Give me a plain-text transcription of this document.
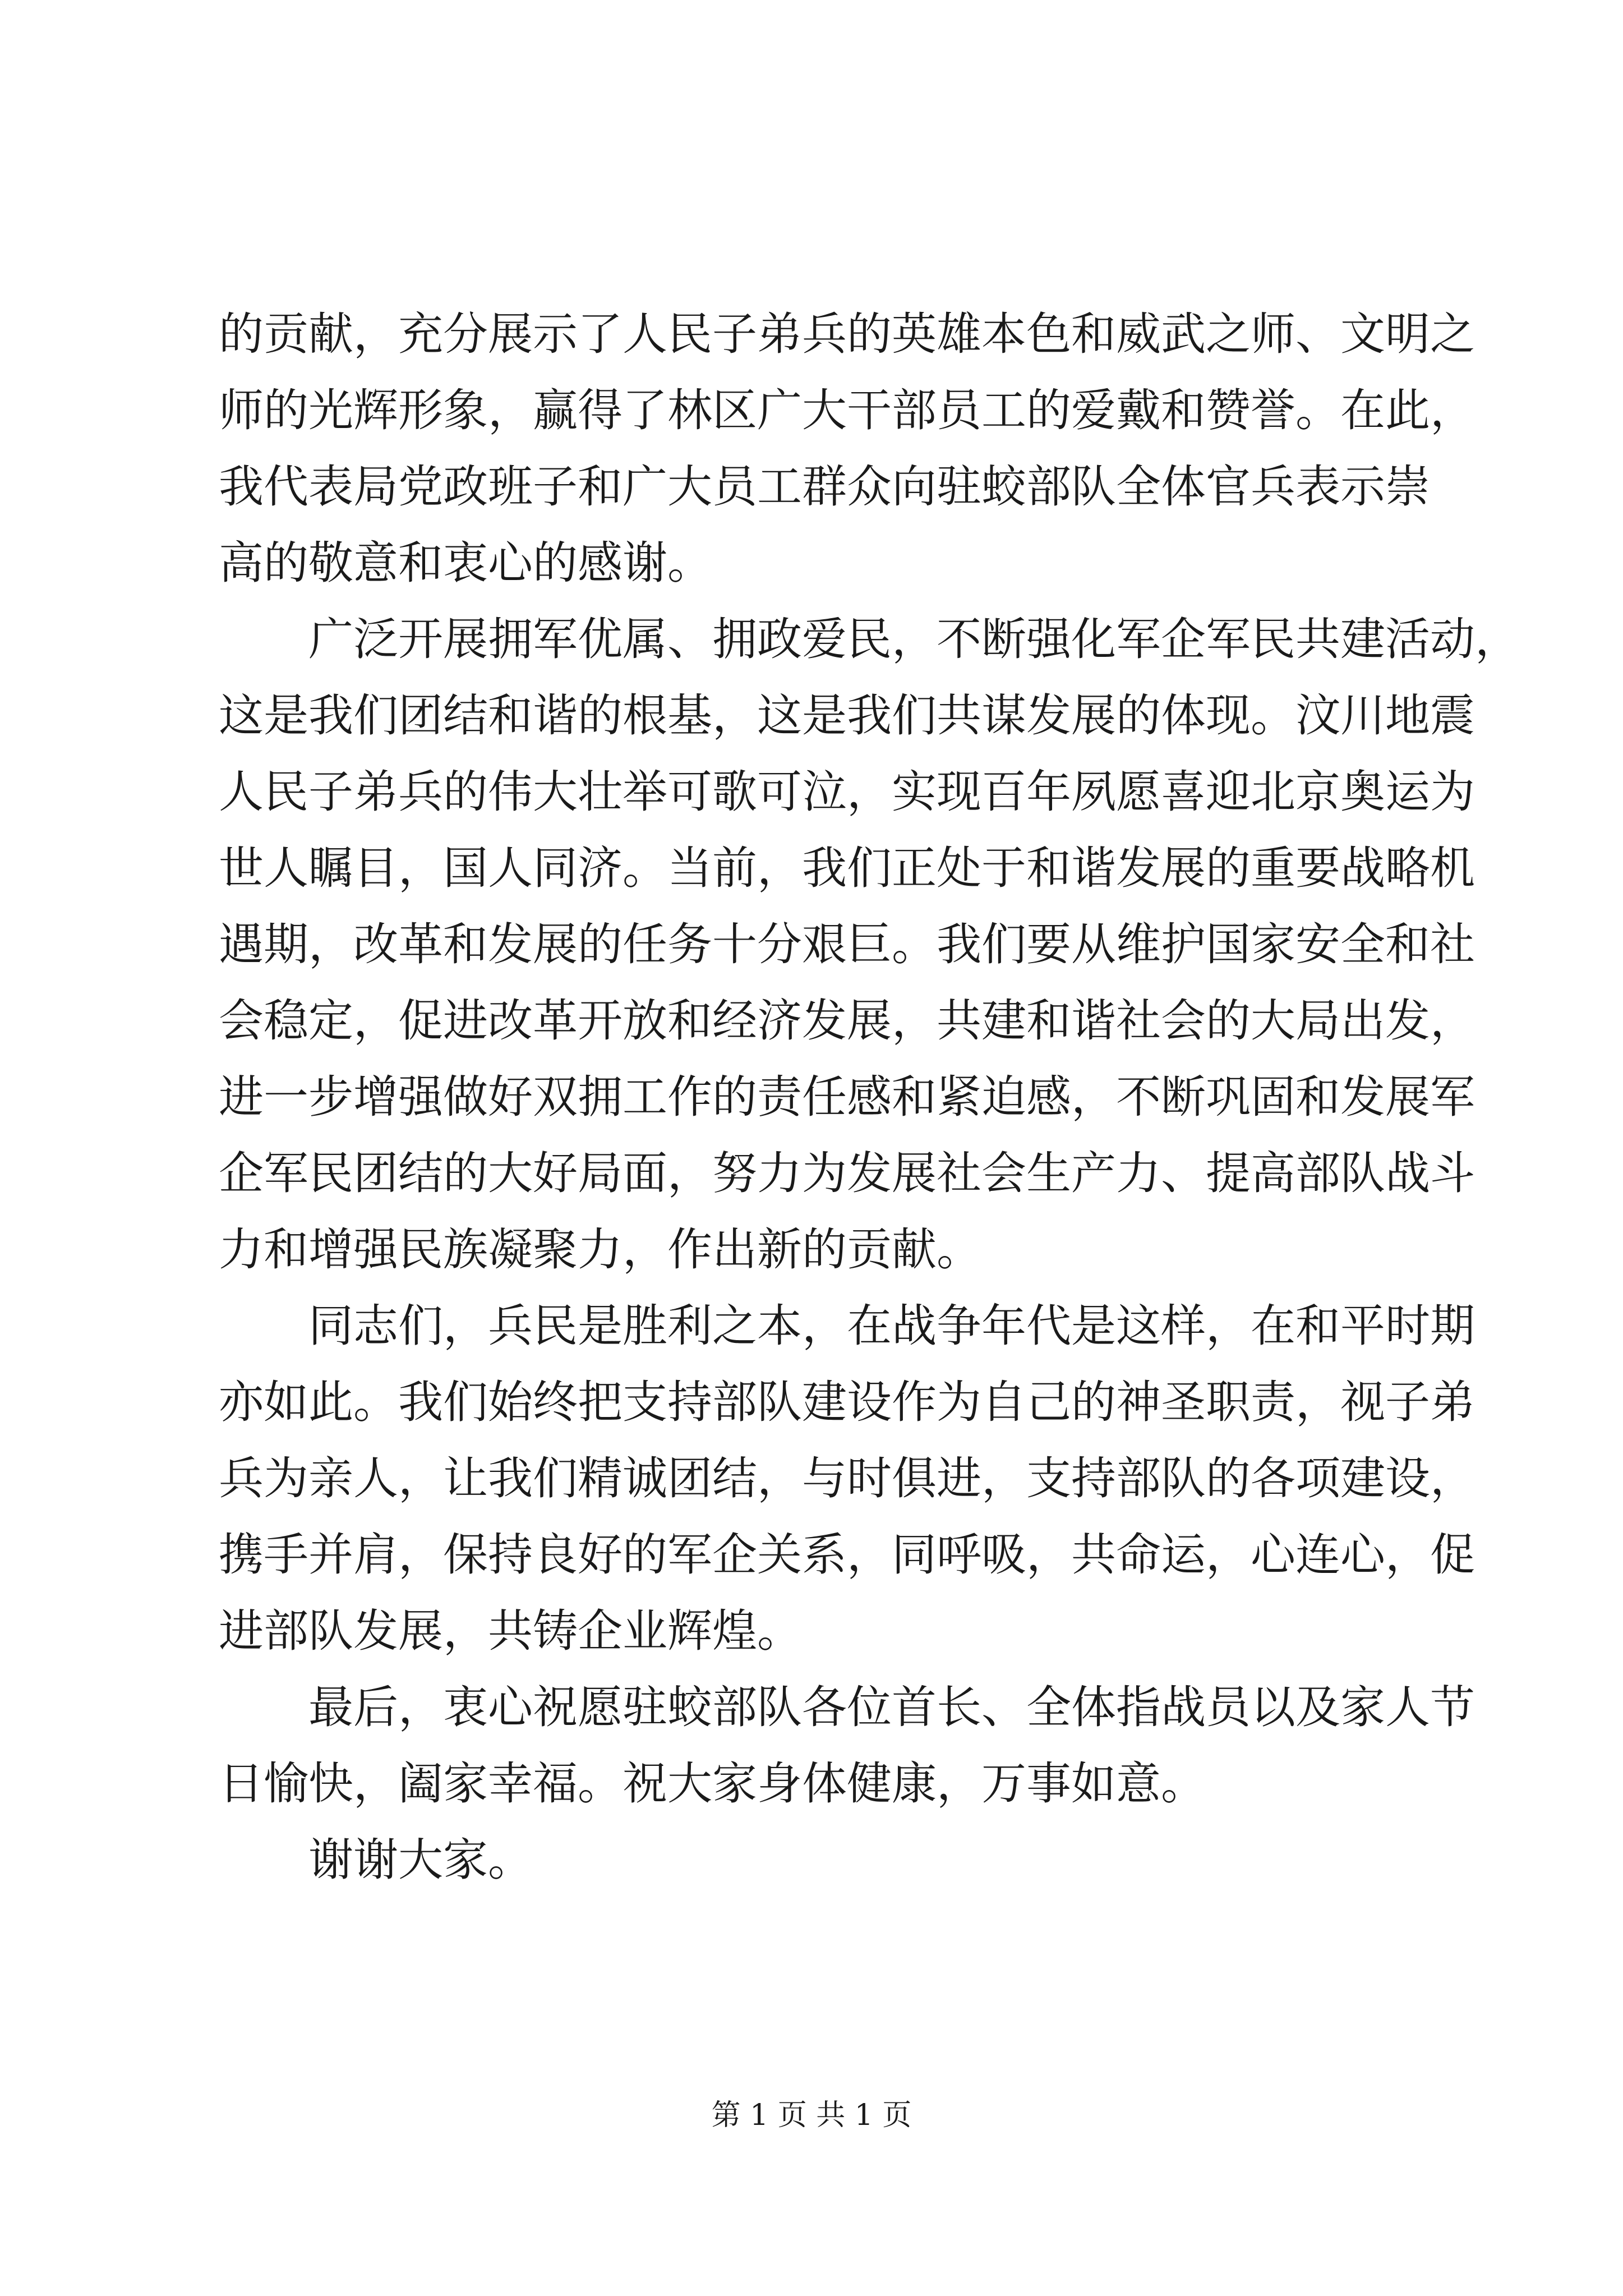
的贡献，充分展示了人民子弟兵的英雄本色和威武之师、文明之
师的光辉形象，赢得了林区广大干部员工的爱戴和赞誉。在此，
我代表局党政班子和广大员工群众向驻蛟部队全体官兵表示崇
高的敬意和衷心的感谢。
广泛开展拥军优属、拥政爱民，不断强化军企军民共建活动，
这是我们团结和谐的根基，这是我们共谋发展的体现。汶川地震
人民子弟兵的伟大壮举可歌可泣，实现百年夙愿喜迎北京奥运为
世人瞩目，国人同济。当前，我们正处于和谐发展的重要战略机
遇期，改革和发展的任务十分艰巨。我们要从维护国家安全和社
会稳定，促进改革开放和经济发展，共建和谐社会的大局出发，
进一步增强做好双拥工作的责任感和紧迫感，不断巩固和发展军
企军民团结的大好局面，努力为发展社会生产力、提高部队战斗
力和增强民族凝聚力，作出新的贡献。
同志们，兵民是胜利之本，在战争年代是这样，在和平时期
亦如此。我们始终把支持部队建设作为自己的神圣职责，视子弟
兵为亲人，让我们精诚团结，与时俱进，支持部队的各项建设，
携手并肩，保持良好的军企关系，同呼吸，共命运，心连心，促
进部队发展，共铸企业辉煌。
最后，衷心祝愿驻蛟部队各位首长、全体指战员以及家人节
日愉快，阖家幸福。祝大家身体健康，万事如意。
谢谢大家。
第 1 页 共 1 页
